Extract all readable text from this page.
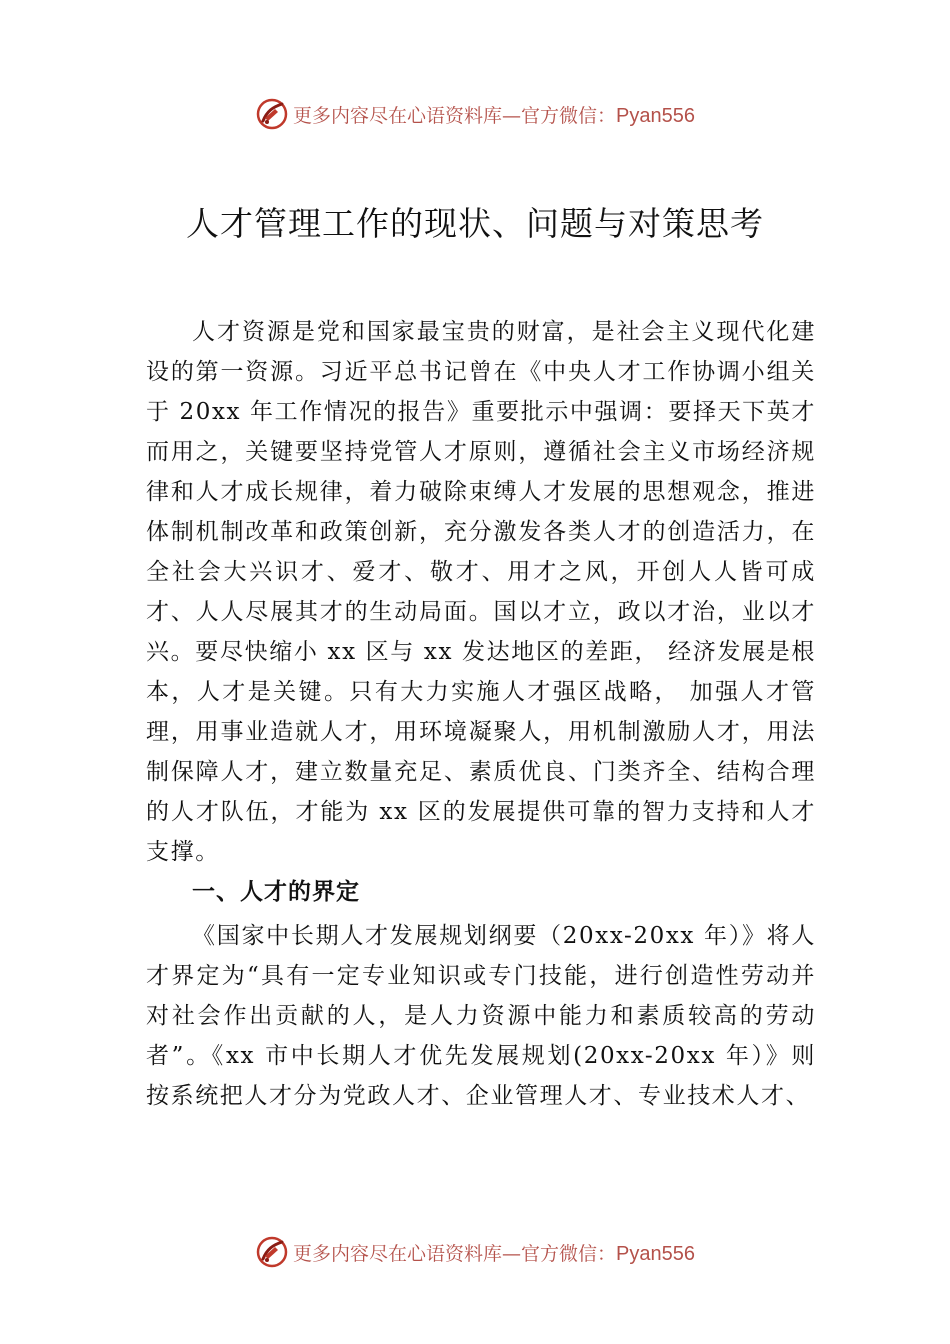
更多内容尽在心语资料库—官方微信：Pyan556
人才管理工作的现状、问题与对策思考

人才资源是党和国家最宝贵的财富，是社会主义现代化建设的第一资源。习近平总书记曾在《中央人才工作协调小组关于 20xx 年工作情况的报告》重要批示中强调：要择天下英才而用之，关键要坚持党管人才原则，遵循社会主义市场经济规律和人才成长规律，着力破除束缚人才发展的思想观念，推进体制机制改革和政策创新，充分激发各类人才的创造活力，在全社会大兴识才、爱才、敬才、用才之风，开创人人皆可成才、人人尽展其才的生动局面。国以才立，政以才治，业以才兴。要尽快缩小 xx 区与 xx 发达地区的差距， 经济发展是根本，人才是关键。只有大力实施人才强区战略， 加强人才管理，用事业造就人才，用环境凝聚人，用机制激励人才，用法制保障人才，建立数量充足、素质优良、门类齐全、结构合理的人才队伍，才能为 xx 区的发展提供可靠的智力支持和人才支撑。

一、人才的界定

《国家中长期人才发展规划纲要（20xx-20xx 年）》将人才界定为“具有一定专业知识或专门技能，进行创造性劳动并对社会作出贡献的人，是人力资源中能力和素质较高的劳动者”。《xx 市中长期人才优先发展规划(20xx-20xx 年）》则按系统把人才分为党政人才、企业管理人才、专业技术人才、

更多内容尽在心语资料库—官方微信：Pyan556
